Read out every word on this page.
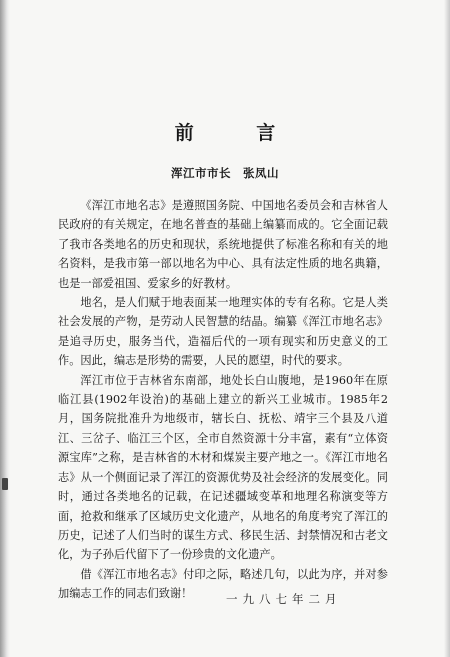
前 言
浑江市市长　张凤山

《浑江市地名志》是遵照国务院、中国地名委员会和吉林省人民政府的有关规定，在地名普查的基础上编纂而成的。它全面记载了我市各类地名的历史和现状，系统地提供了标准名称和有关的地名资料，是我市第一部以地名为中心、具有法定性质的地名典籍，也是一部爱祖国、爱家乡的好教材。

地名，是人们赋于地表面某一地理实体的专有名称。它是人类社会发展的产物，是劳动人民智慧的结晶。编纂《浑江市地名志》是追寻历史，服务当代，造福后代的一项有现实和历史意义的工作。因此，编志是形势的需要，人民的愿望，时代的要求。

浑江市位于吉林省东南部，地处长白山腹地，是1960年在原临江县(1902年设治)的基础上建立的新兴工业城市。1985年2月，国务院批准升为地级市，辖长白、抚松、靖宇三个县及八道江、三岔子、临江三个区，全市自然资源十分丰富，素有“立体资源宝库”之称，是吉林省的木材和煤炭主要产地之一。《浑江市地名志》从一个侧面记录了浑江的资源优势及社会经济的发展变化。同时，通过各类地名的记载，在记述疆域变革和地理名称演变等方面，抢救和继承了区域历史文化遗产，从地名的角度考究了浑江的历史，记述了人们当时的谋生方式、移民生活、封禁情况和古老文化，为子孙后代留下了一份珍贵的文化遗产。

借《浑江市地名志》付印之际，略述几句，以此为序，并对参加编志工作的同志们致谢！	一九八七年二月
